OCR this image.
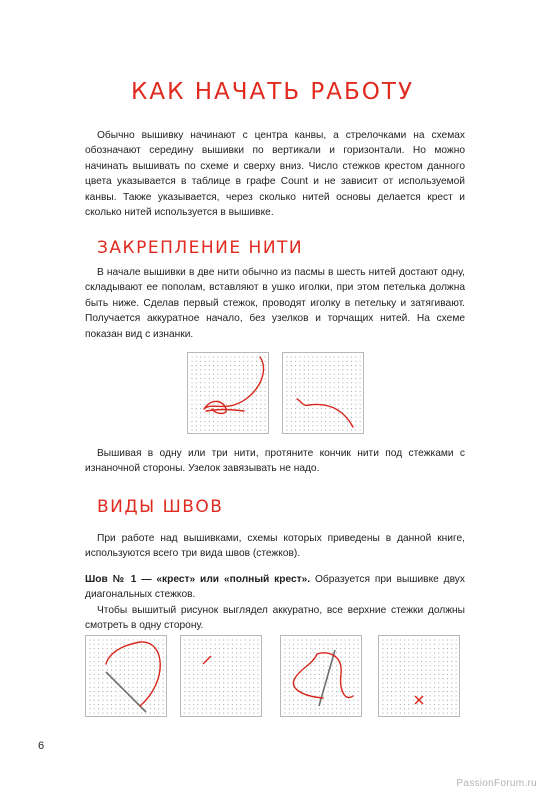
КАК НАЧАТЬ РАБОТУ

Обычно вышивку начинают с центра канвы, а стрелочками на схемах обозначают середину вышивки по вертикали и горизонтали. Но можно начинать вышивать по схеме и сверху вниз. Число стежков крестом данного цвета указывается в таблице в графе Count и не зависит от используемой канвы. Также указывается, через сколько нитей основы делается крест и сколько нитей используется в вышивке.

ЗАКРЕПЛЕНИЕ НИТИ

В начале вышивки в две нити обычно из пасмы в шесть нитей достают одну, складывают ее пополам, вставляют в ушко иголки, при этом петелька должна быть ниже. Сделав первый стежок, проводят иголку в петельку и затягивают. Получается аккуратное начало, без узелков и торчащих нитей. На схеме показан вид с изнанки.

Вышивая в одну или три нити, протяните кончик нити под стежками с изнаночной стороны. Узелок завязывать не надо.

ВИДЫ ШВОВ

При работе над вышивками, схемы которых приведены в данной книге, используются всего три вида швов (стежков).

Шов № 1 — «крест» или «полный крест». Образуется при вышивке двух диагональных стежков.

Чтобы вышитый рисунок выглядел аккуратно, все верхние стежки должны смотреть в одну сторону.

6
PassionForum.ru
